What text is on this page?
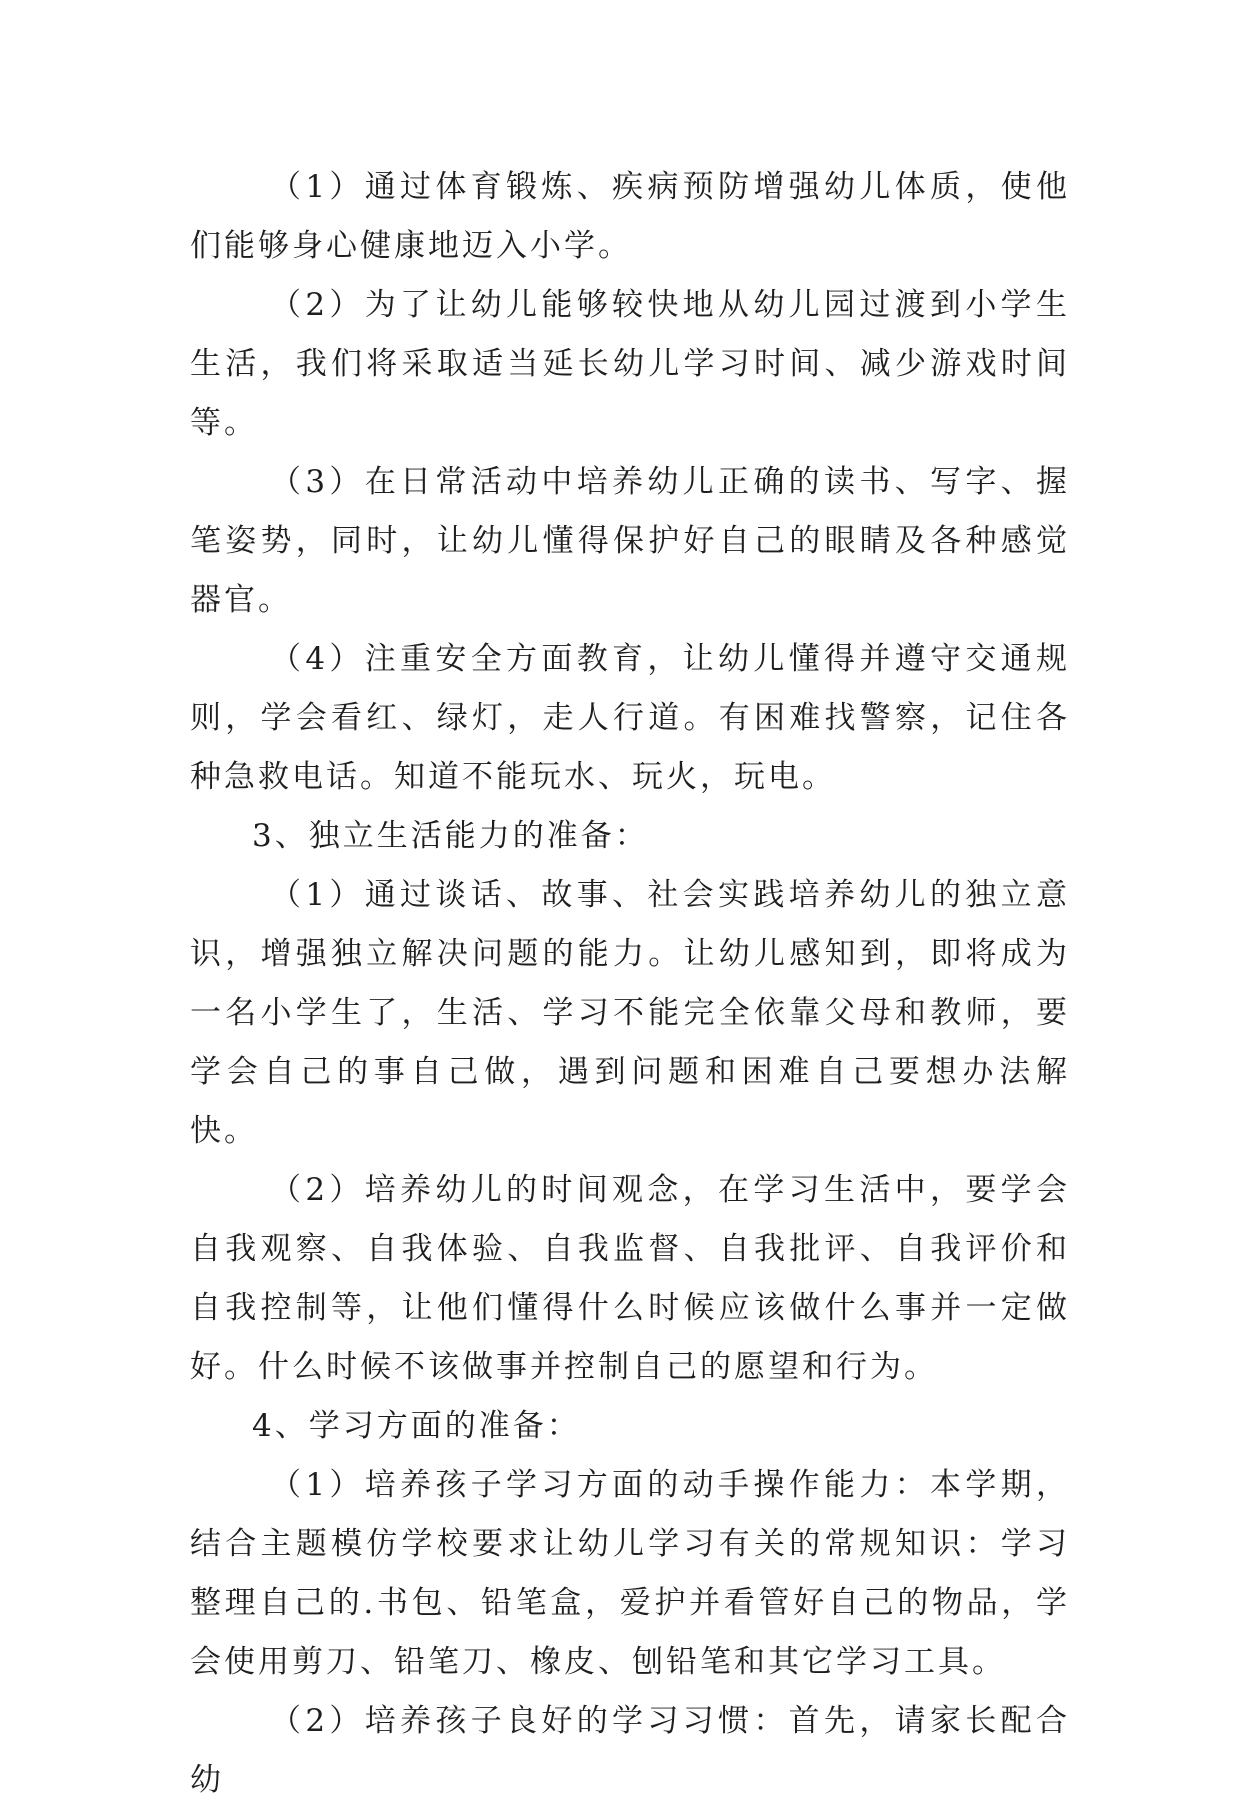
（1）通过体育锻炼、疾病预防增强幼儿体质，使他们能够身心健康地迈入小学。

（2）为了让幼儿能够较快地从幼儿园过渡到小学生生活，我们将采取适当延长幼儿学习时间、减少游戏时间等。

（3）在日常活动中培养幼儿正确的读书、写字、握笔姿势，同时，让幼儿懂得保护好自己的眼睛及各种感觉器官。

（4）注重安全方面教育，让幼儿懂得并遵守交通规则，学会看红、绿灯，走人行道。有困难找警察，记住各种急救电话。知道不能玩水、玩火，玩电。

3、独立生活能力的准备：

（1）通过谈话、故事、社会实践培养幼儿的独立意识，增强独立解决问题的能力。让幼儿感知到，即将成为一名小学生了，生活、学习不能完全依靠父母和教师，要学会自己的事自己做，遇到问题和困难自己要想办法解快。

（2）培养幼儿的时间观念，在学习生活中，要学会自我观察、自我体验、自我监督、自我批评、自我评价和自我控制等，让他们懂得什么时候应该做什么事并一定做好。什么时候不该做事并控制自己的愿望和行为。

4、学习方面的准备：

（1）培养孩子学习方面的动手操作能力：本学期，结合主题模仿学校要求让幼儿学习有关的常规知识：学习整理自己的.书包、铅笔盒，爱护并看管好自己的物品，学会使用剪刀、铅笔刀、橡皮、刨铅笔和其它学习工具。

（2）培养孩子良好的学习习惯：首先，请家长配合幼
